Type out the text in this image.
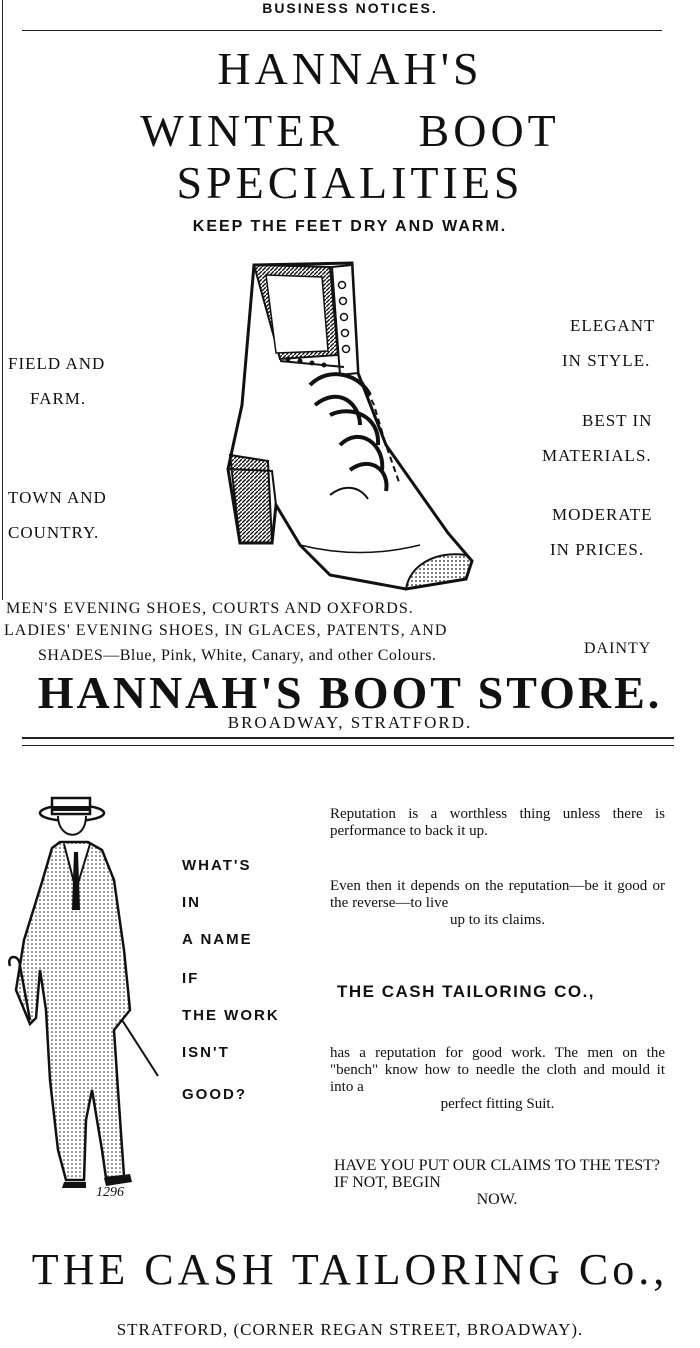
BUSINESS NOTICES.
HANNAH'S
WINTER BOOT
SPECIALITIES
KEEP THE FEET DRY AND WARM.
FIELD AND
FARM.
TOWN AND
COUNTRY.
ELEGANT
IN STYLE.
BEST IN
MATERIALS.
MODERATE
IN PRICES.
MEN'S EVENING SHOES, COURTS AND OXFORDS.
LADIES' EVENING SHOES, IN GLACES, PATENTS, AND
DAINTY
SHADES—Blue, Pink, White, Canary, and other Colours.
HANNAH'S BOOT STORE.
BROADWAY, STRATFORD.
1296
WHAT'S
IN
A NAME
IF
THE WORK
ISN'T
GOOD?
Reputation is a worthless thing unless there is performance to back it up.
Even then it depends on the reputation—be it good or the reverse—to live
up to its claims.
THE CASH TAILORING CO.,
has a reputation for good work. The men on the "bench" know how to needle the cloth and mould it into a
perfect fitting Suit.
HAVE YOU PUT OUR CLAIMS TO THE TEST? IF NOT, BEGIN
NOW.
THE CASH TAILORING Co.,
STRATFORD, (CORNER REGAN STREET, BROADWAY).
